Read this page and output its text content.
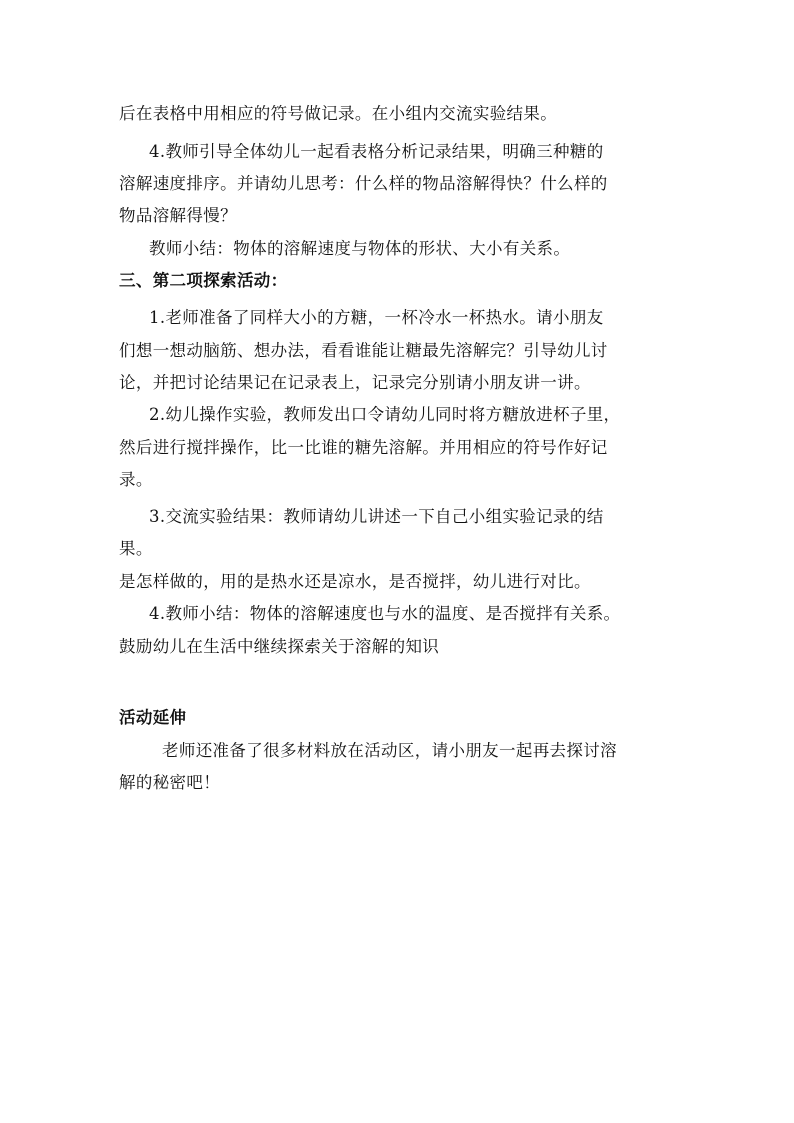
后在表格中用相应的符号做记录。在小组内交流实验结果。
4.教师引导全体幼儿一起看表格分析记录结果，明确三种糖的
溶解速度排序。并请幼儿思考：什么样的物品溶解得快？什么样的
物品溶解得慢？
教师小结：物体的溶解速度与物体的形状、大小有关系。
三、第二项探索活动：
1.老师准备了同样大小的方糖，一杯冷水一杯热水。请小朋友
们想一想动脑筋、想办法，看看谁能让糖最先溶解完？引导幼儿讨
论，并把讨论结果记在记录表上，记录完分别请小朋友讲一讲。
2.幼儿操作实验，教师发出口令请幼儿同时将方糖放进杯子里，
然后进行搅拌操作，比一比谁的糖先溶解。并用相应的符号作好记
录。
3.交流实验结果：教师请幼儿讲述一下自己小组实验记录的结
果。
是怎样做的，用的是热水还是凉水，是否搅拌，幼儿进行对比。
4.教师小结：物体的溶解速度也与水的温度、是否搅拌有关系。
鼓励幼儿在生活中继续探索关于溶解的知识
活动延伸
老师还准备了很多材料放在活动区，请小朋友一起再去探讨溶
解的秘密吧！
